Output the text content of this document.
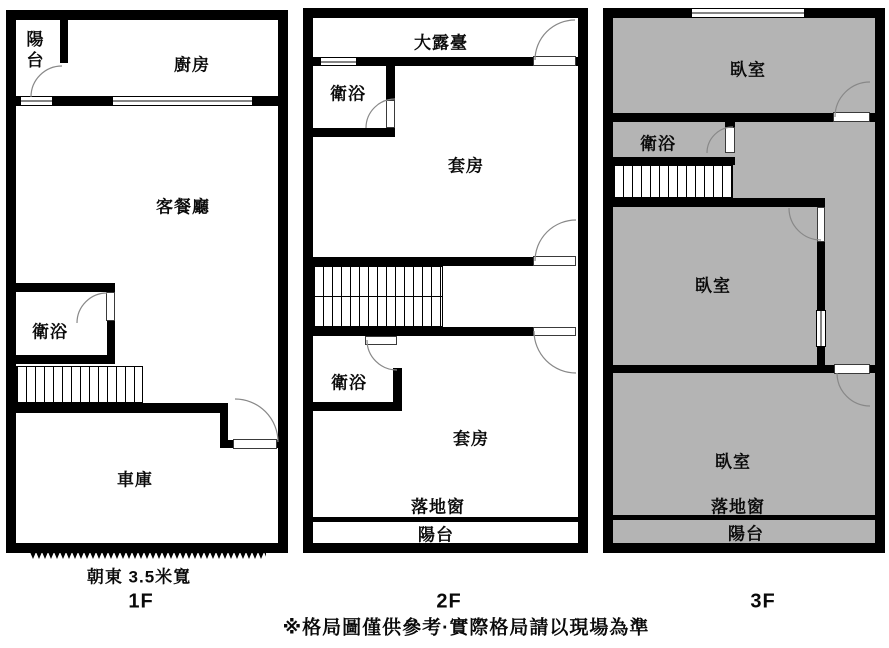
陽台	廚房
客餐廳
衛浴
車庫
大露臺
衛浴
套房
衛浴
套房
落地窗
陽台
臥室
衛浴
臥室
臥室
落地窗
陽台
朝東 3.5米寬
1F	2F	3F
※格局圖僅供參考·實際格局請以現場為準
